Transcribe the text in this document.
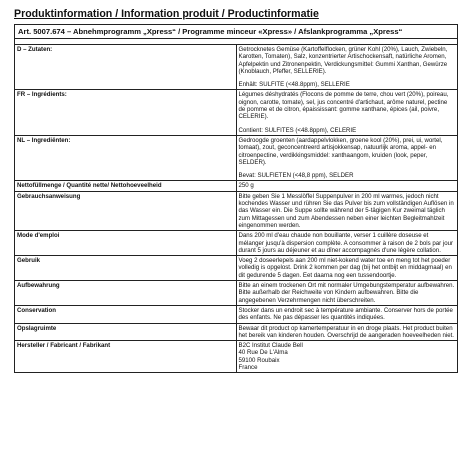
Produktinformation / Information produit / Productinformatie
Art. 5007.674 – Abnehmprogramm „Xpress“ / Programme minceur «Xpress» / Afslankprogramma „Xpress“	

D – Zutaten:	Getrocknetes Gemüse (Kartoffelflocken, grüner Kohl (20%), Lauch, Zwiebeln, Karotten, Tomaten), Salz, konzentrierter Artischockensaft, natürliche Aromen, Apfelpektin und Zitronenpektin, Verdickungsmittel: Gummi Xanthan, Gewürze (Knoblauch, Pfeffer, SELLERIE).
Enhält: SULFITE (<48.8ppm), SELLERIE

FR – Ingrédients:	Légumes déshydratés (Flocons de pomme de terre, chou vert (20%), poireau, oignon, carotte, tomate), sel, jus concentré d'artichaut, arôme naturel, pectine de pomme et de citron, épaississant: gomme xanthane, épices (ail, poivre, CELERIE).
Contient: SULFITES (<48.8ppm), CELERIE

NL – Ingrediënten:	Gedroogde groenten (aardappelvlokken, groene kool (20%), prei, ui, wortel, tomaat), zout, geconcentreerd artisjokkensap, natuurlijk aroma, appel- en citroenpectine, verdikkingsmiddel: xanthaangom, kruiden (look, peper, SELDER).
Bevat: SULFIETEN (<48,8 ppm), SELDER

Nettofüllmenge / Quantité nette/ Nettohoeveelheid	250 g

Gebrauchsanweisung	Bitte geben Sie 1 Messlöffel Suppenpulver in 200 ml warmes, jedoch nicht kochendes Wasser und rühren Sie das Pulver bis zum vollständigen Auflösen in das Wasser ein. Die Suppe sollte während der 5-tägigen Kur zweimal täglich zum Mittagessen und zum Abendessen neben einer leichten Begleitmahlzeit eingenommen werden.

Mode d'emploi	Dans 200 ml d'eau chaude non bouillante, verser 1 cuillère doseuse et mélanger jusqu'à dispersion complète. A consommer à raison de 2 bols par jour durant 5 jours au déjeuner et au dîner accompagnés d'une légère collation.

Gebruik	Voeg 2 doseerlepels aan 200 ml niet-kokend water toe en meng tot het poeder volledig is opgelost. Drink 2 kommen per dag (bij het ontbijt en middagmaal) en dit gedurende 5 dagen. Eet daarna nog een tussendoortje.

Aufbewahrung	Bitte an einem trockenen Ort mit normaler Umgebungstemperatur aufbewahren. Bitte außerhalb der Reichweite von Kindern aufbewahren. Bitte die angegebenen Verzehrmengen nicht überschreiten.

Conservation	Stocker dans un endroit sec à température ambiante. Conserver hors de portée des enfants. Ne pas dépasser les quantités indiquées.

Opslagruimte	Bewaar dit product op kamertemperatuur in en droge plaats. Het product buiten het bereik van kinderen houden. Overschrijd de aangeraden hoeveelheden niet.

Hersteller / Fabricant / Fabrikant	B2C Institut Claude Bell
40 Rue De L'Alma
59100 Roubaix
France
